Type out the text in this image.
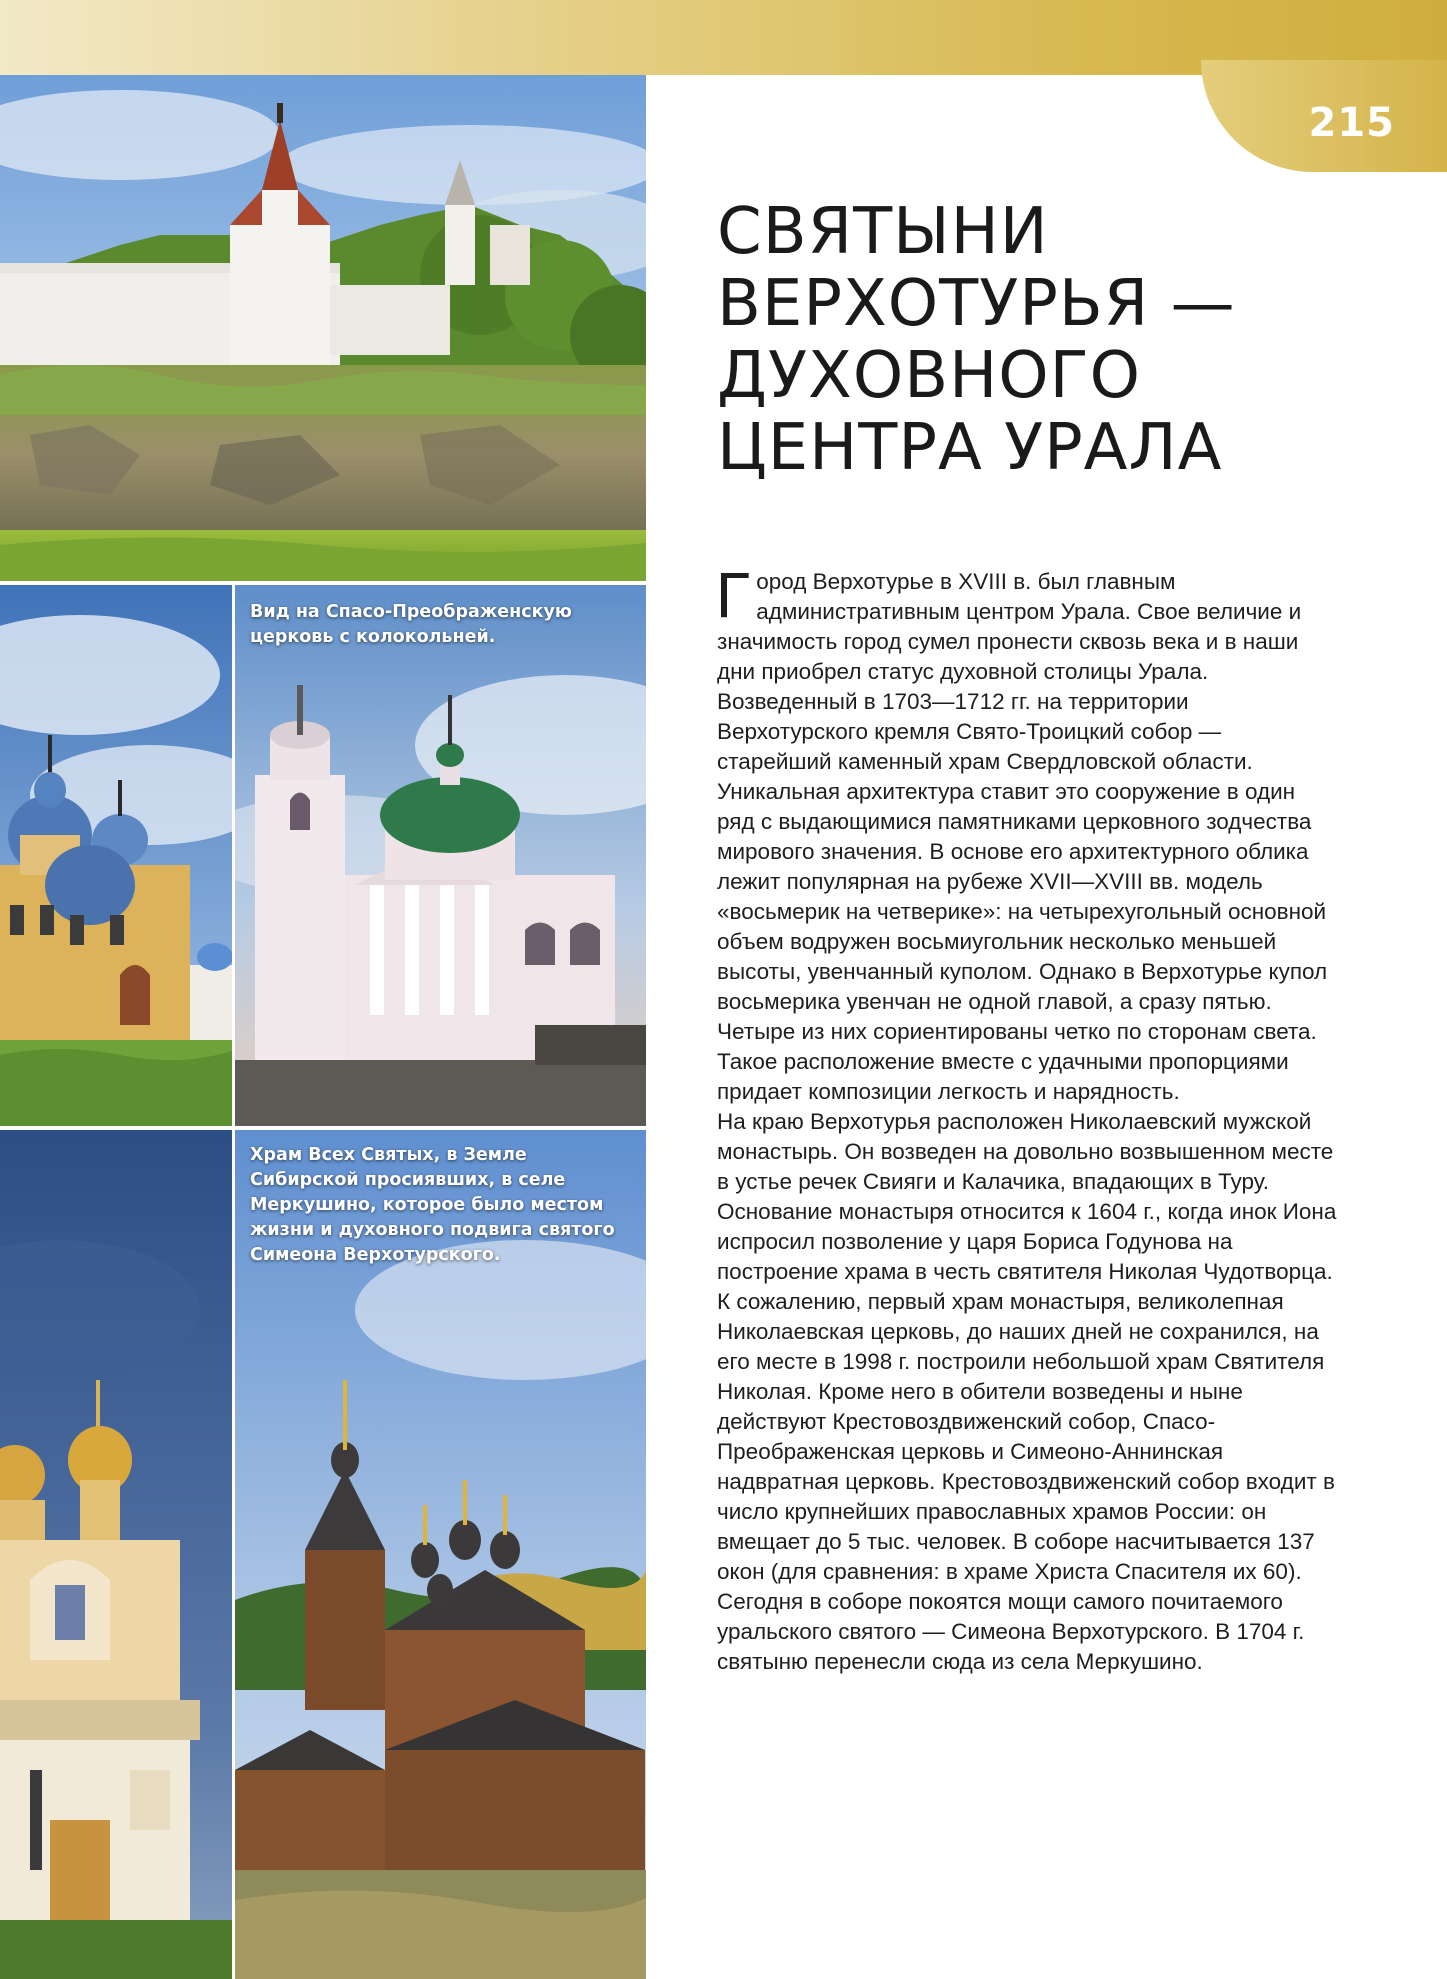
215
Вид на Спасо-Преображенскую церковь с колокольней.
Храм Всех Святых, в Земле Сибирской просиявших, в селе Меркушино, которое было местом жизни и духовного подвига святого Симеона Верхотурского.
СВЯТЫНИ
ВЕРХОТУРЬЯ —
ДУХОВНОГО
ЦЕНТРА УРАЛА

Город Верхотурье в XVIII в. был главным административным центром Урала. Свое величие и значимость город сумел пронести сквозь века и в наши дни приобрел статус духовной столицы Урала. Возведенный в 1703—1712 гг. на территории Верхотурского кремля Свято-Троицкий собор — старейший каменный храм Свердловской области. Уникальная архитектура ставит это сооружение в один ряд с выдающимися памятниками церковного зодчества мирового значения. В основе его архитектурного облика лежит популярная на рубеже XVII—XVIII вв. модель «восьмерик на четверике»: на четырехугольный основной объем водружен восьмиугольник несколько меньшей высоты, увенчанный куполом. Однако в Верхотурье купол восьмерика увенчан не одной главой, а сразу пятью. Четыре из них сориентированы четко по сторонам света. Такое расположение вместе с удачными пропорциями придает композиции легкость и нарядность.

На краю Верхотурья расположен Николаевский мужской монастырь. Он возведен на довольно возвышенном месте в устье речек Свияги и Калачика, впадающих в Туру. Основание монастыря относится к 1604 г., когда инок Иона испросил позволение у царя Бориса Годунова на построение храма в честь святителя Николая Чудотворца. К сожалению, первый храм монастыря, великолепная Николаевская церковь, до наших дней не сохранился, на его месте в 1998 г. построили небольшой храм Святителя Николая. Кроме него в обители возведены и ныне действуют Крестовоздвиженский собор, Спасо-Преображенская церковь и Симеоно-Аннинская надвратная церковь. Крестовоздвиженский собор входит в число крупнейших православных храмов России: он вмещает до 5 тыс. человек. В соборе насчитывается 137 окон (для сравнения: в храме Христа Спасителя их 60). Сегодня в соборе покоятся мощи самого почитаемого уральского святого — Симеона Верхотурского. В 1704 г. святыню перенесли сюда из села Меркушино.
